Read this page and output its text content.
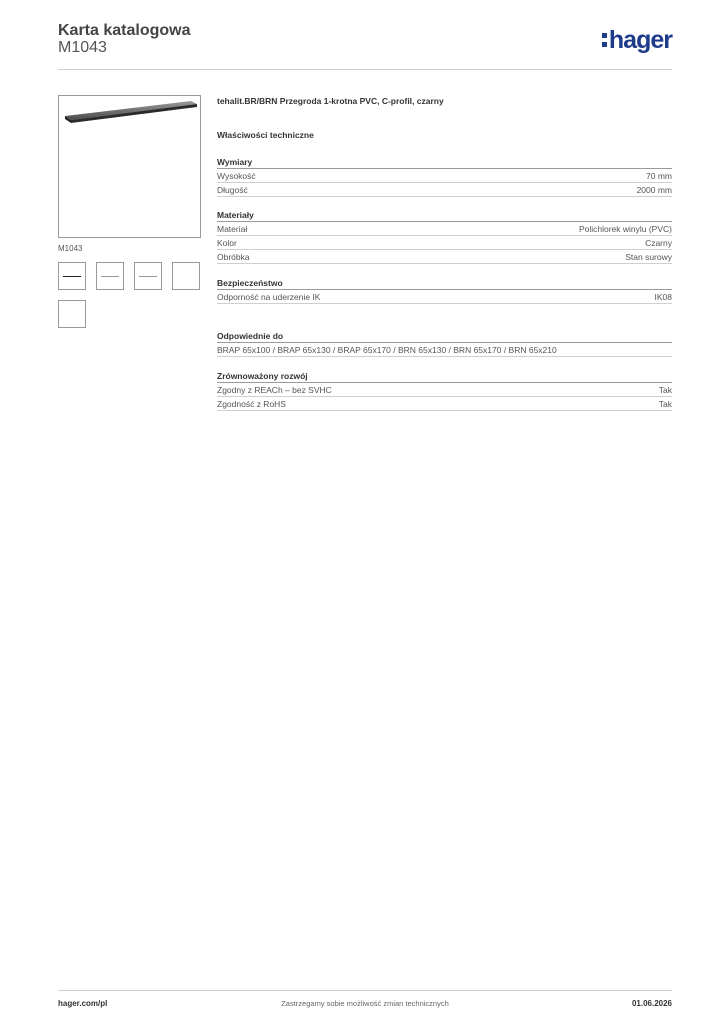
Karta katalogowa
M1043	hager
M1043
tehalit.BR/BRN Przegroda 1-krotna PVC, C-profil, czarny
Właściwości techniczne
Wymiary
Wysokość	70 mm
Długość	2000 mm
Materiały
Materiał	Polichlorek winylu (PVC)
Kolor	Czarny
Obróbka	Stan surowy
Bezpieczeństwo
Odporność na uderzenie IK	IK08
Odpowiednie do
BRAP 65x100 / BRAP 65x130 / BRAP 65x170 / BRN 65x130 / BRN 65x170 / BRN 65x210
Zrównoważony rozwój
Zgodny z REACh – bez SVHC	Tak
Zgodność z RoHS	Tak
hager.com/pl	Zastrzegamy sobie możliwość zmian technicznych	01.06.2026
